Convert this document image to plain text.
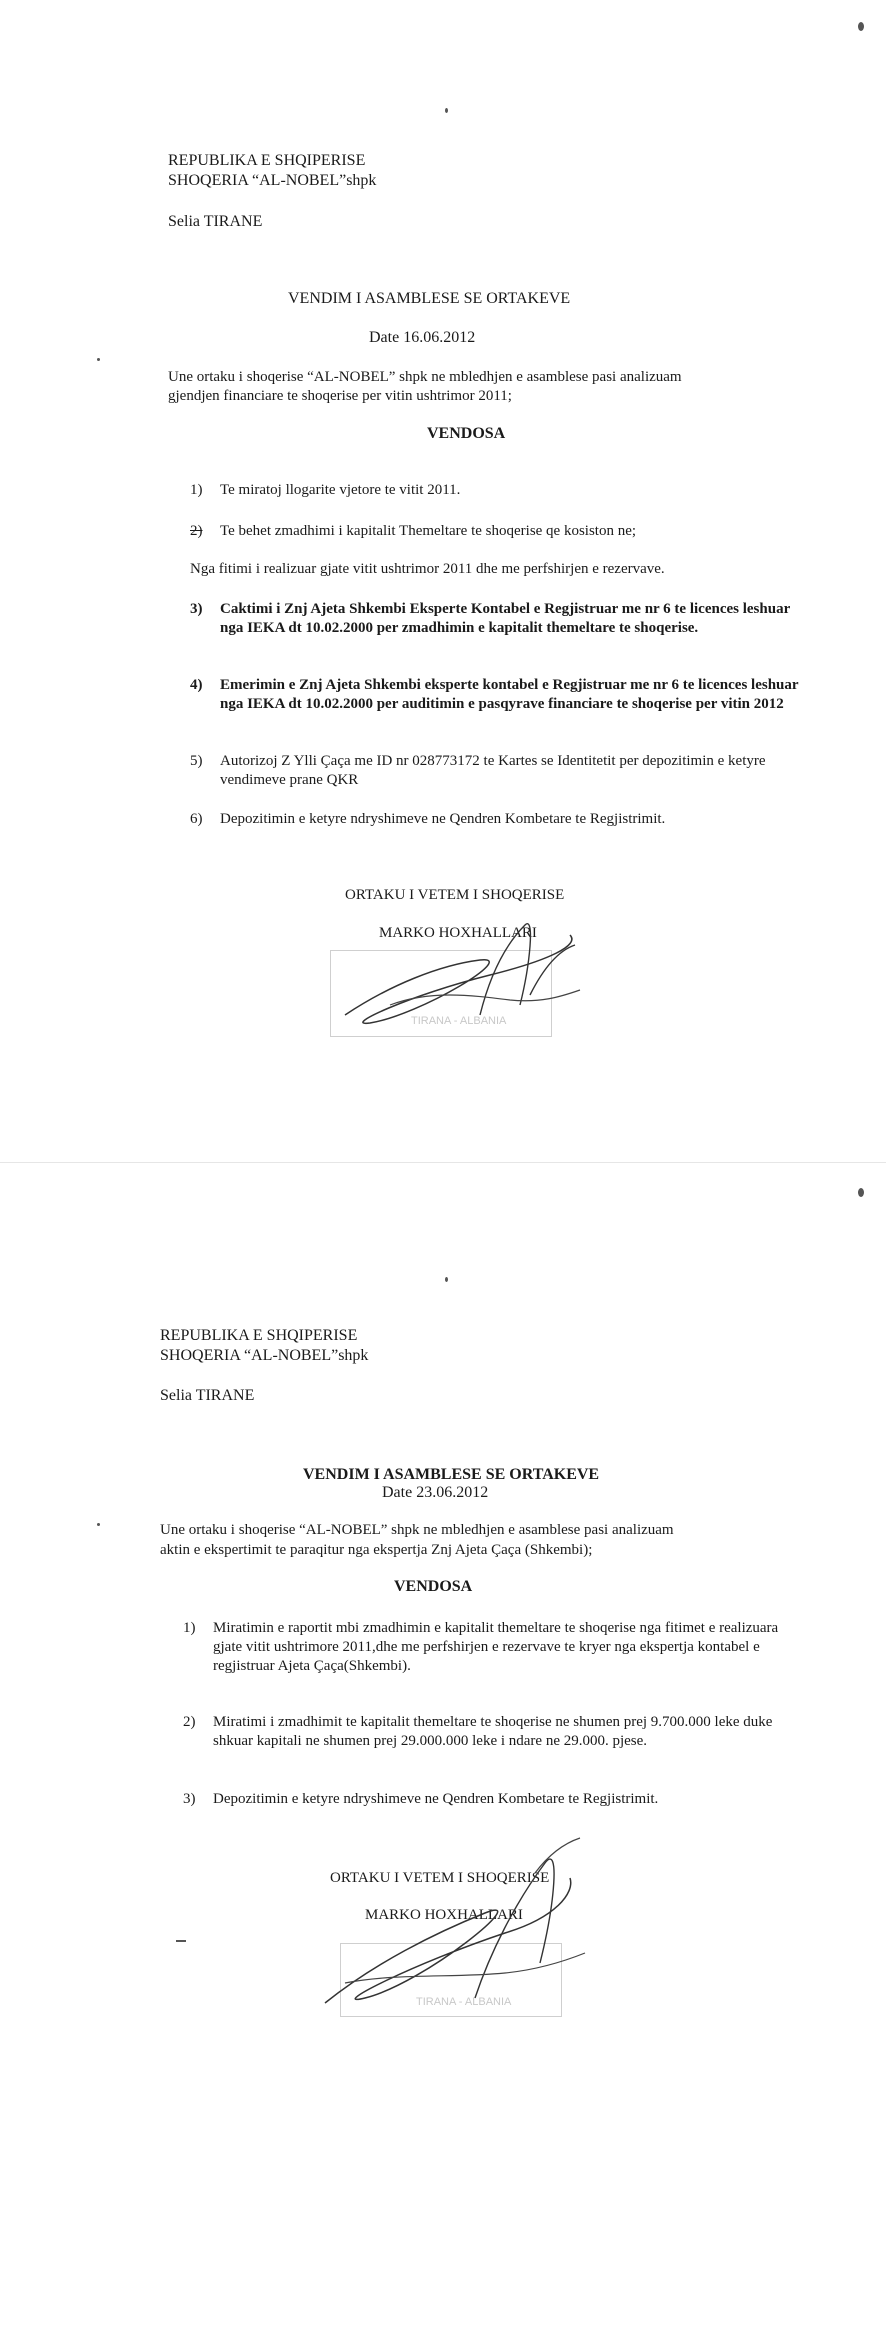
REPUBLIKA E SHQIPERISE
SHOQERIA “AL-NOBEL”shpk
Selia TIRANE
VENDIM I ASAMBLESE SE ORTAKEVE
Date 16.06.2012
Une ortaku i shoqerise “AL-NOBEL” shpk ne mbledhjen e asamblese pasi analizuam
gjendjen financiare te shoqerise per vitin ushtrimor 2011;
VENDOSA
1) Te miratoj llogarite vjetore te vitit 2011.
2) Te behet zmadhimi i kapitalit Themeltare te shoqerise qe kosiston ne;
Nga fitimi i realizuar gjate vitit ushtrimor 2011 dhe me perfshirjen e rezervave.
3) Caktimi i Znj Ajeta Shkembi Eksperte Kontabel e Regjistruar me nr 6 te licences leshuar nga IEKA dt 10.02.2000 per zmadhimin e kapitalit themeltare te shoqerise.
4) Emerimin e Znj Ajeta Shkembi eksperte kontabel e Regjistruar me nr 6 te licences leshuar nga IEKA dt 10.02.2000 per auditimin e pasqyrave financiare te shoqerise per vitin 2012
5) Autorizoj Z Ylli Çaça me ID nr 028773172 te Kartes se Identitetit per depozitimin e ketyre vendimeve prane QKR
6) Depozitimin e ketyre ndryshimeve ne Qendren Kombetare te Regjistrimit.
ORTAKU I VETEM I SHOQERISE
MARKO HOXHALLARI
TIRANA - ALBANIA
REPUBLIKA E SHQIPERISE
SHOQERIA “AL-NOBEL”shpk
Selia TIRANE
VENDIM I ASAMBLESE SE ORTAKEVE
Date 23.06.2012
Une ortaku i shoqerise “AL-NOBEL” shpk ne mbledhjen e asamblese pasi analizuam
aktin e ekspertimit te paraqitur nga ekspertja Znj Ajeta Çaça (Shkembi);
VENDOSA
1) Miratimin e raportit mbi zmadhimin e kapitalit themeltare te shoqerise nga fitimet e realizuara gjate vitit ushtrimore 2011,dhe me perfshirjen e rezervave te kryer nga ekspertja kontabel e regjistruar Ajeta Çaça(Shkembi).
2) Miratimi i zmadhimit te kapitalit themeltare te shoqerise ne shumen prej 9.700.000 leke duke shkuar kapitali ne shumen prej 29.000.000 leke i ndare ne 29.000. pjese.
3) Depozitimin e ketyre ndryshimeve ne Qendren Kombetare te Regjistrimit.
ORTAKU I VETEM I SHOQERISE
MARKO HOXHALLARI
TIRANA - ALBANIA
